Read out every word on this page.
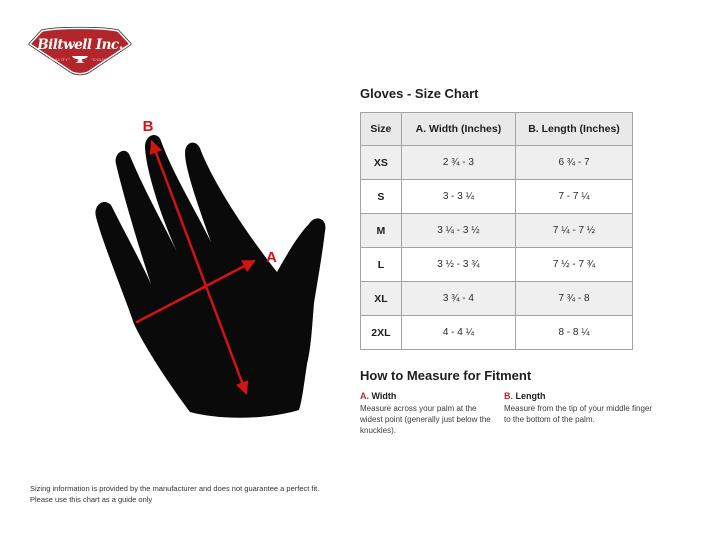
Biltwell Inc.
“QUALITY”	“COUNTS”
B
A
Gloves - Size Chart
Size	A. Width (Inches)	B. Length (Inches)
XS	2 ¾ - 3	6 ¾ - 7
S	3 - 3 ¼	7 - 7 ¼
M	3 ¼ - 3 ½	7 ¼ - 7 ½
L	3 ½ - 3 ¾	7 ½ - 7 ¾
XL	3 ¾ - 4	7 ¾ - 8
2XL	4 - 4 ¼	8 - 8 ¼
How to Measure for Fitment
A. Width
Measure across your palm at the widest point (generally just below the knuckles).
B. Length
Measure from the tip of your middle finger to the bottom of the palm.
Sizing information is provided by the manufacturer and does not guarantee a perfect fit.
Please use this chart as a guide only
